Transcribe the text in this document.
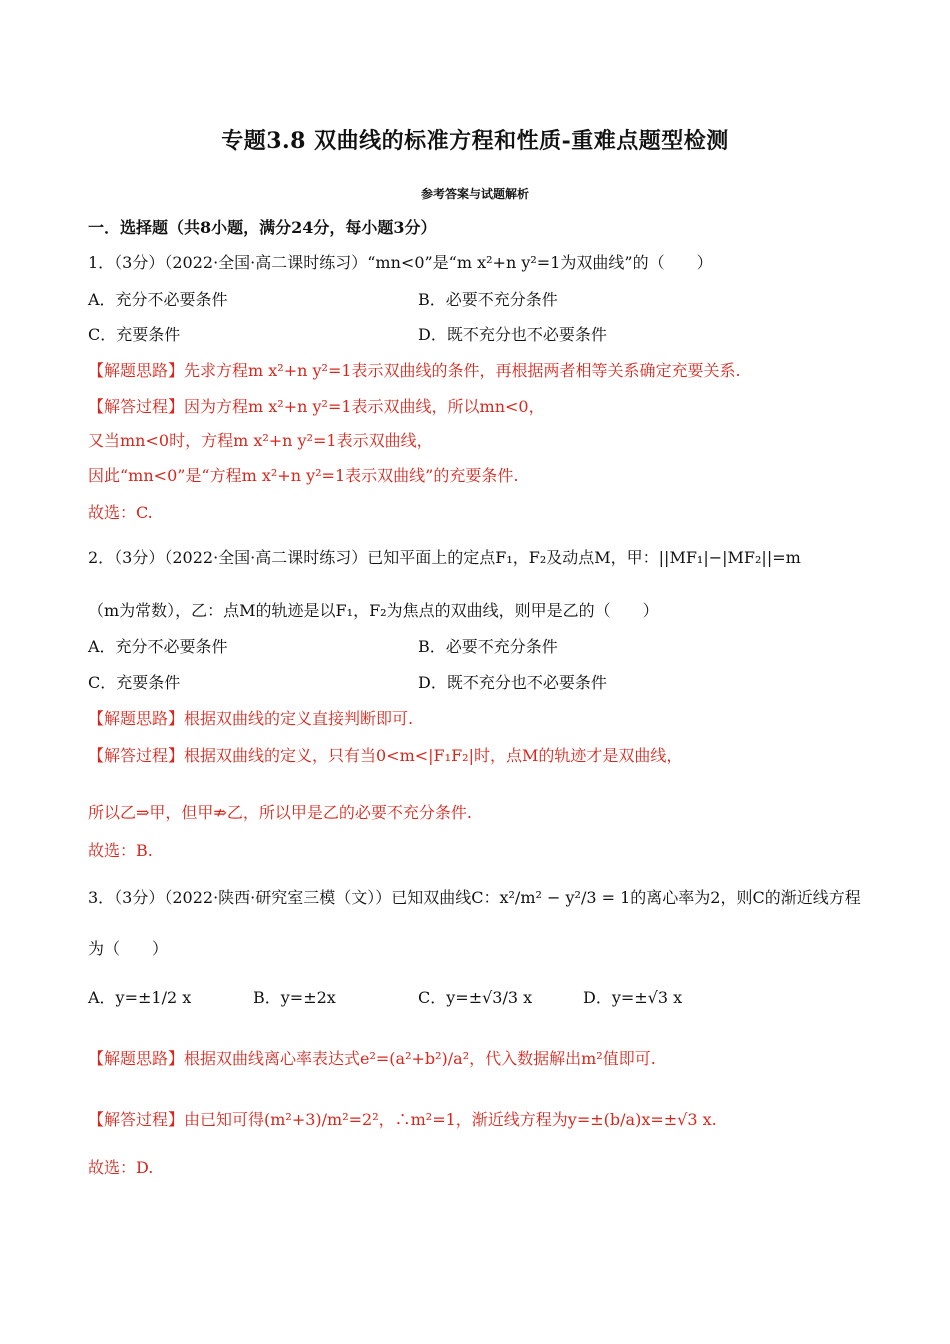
专题3.8 双曲线的标准方程和性质-重难点题型检测
参考答案与试题解析
一．选择题（共8小题，满分24分，每小题3分）
1．（3分）（2022·全国·高二课时练习）“mn<0”是“m x²+n y²=1为双曲线”的（　　）
A．充分不必要条件	B．必要不充分条件
C．充要条件	D．既不充分也不必要条件
【解题思路】先求方程m x²+n y²=1表示双曲线的条件，再根据两者相等关系确定充要关系.
【解答过程】因为方程m x²+n y²=1表示双曲线，所以mn<0，
又当mn<0时，方程m x²+n y²=1表示双曲线，
因此“mn<0”是“方程m x²+n y²=1表示双曲线”的充要条件.
故选：C.
2．（3分）（2022·全国·高二课时练习）已知平面上的定点F₁，F₂及动点M，甲：||MF₁|−|MF₂||=m
（m为常数），乙：点M的轨迹是以F₁，F₂为焦点的双曲线，则甲是乙的（　　）
A．充分不必要条件	B．必要不充分条件
C．充要条件	D．既不充分也不必要条件
【解题思路】根据双曲线的定义直接判断即可.
【解答过程】根据双曲线的定义，只有当0<m<|F₁F₂|时，点M的轨迹才是双曲线，
所以乙⇒甲，但甲⇏乙，所以甲是乙的必要不充分条件.
故选：B.
3．（3分）（2022·陕西·研究室三模（文））已知双曲线C：x²/m² − y²/3 = 1的离心率为2，则C的渐近线方程
为（　　）
A．y=±1/2 x	B．y=±2x	C．y=±√3/3 x	D．y=±√3 x
【解题思路】根据双曲线离心率表达式e²=(a²+b²)/a²，代入数据解出m²值即可.
【解答过程】由已知可得(m²+3)/m²=2²，∴m²=1，渐近线方程为y=±(b/a)x=±√3 x.
故选：D.
